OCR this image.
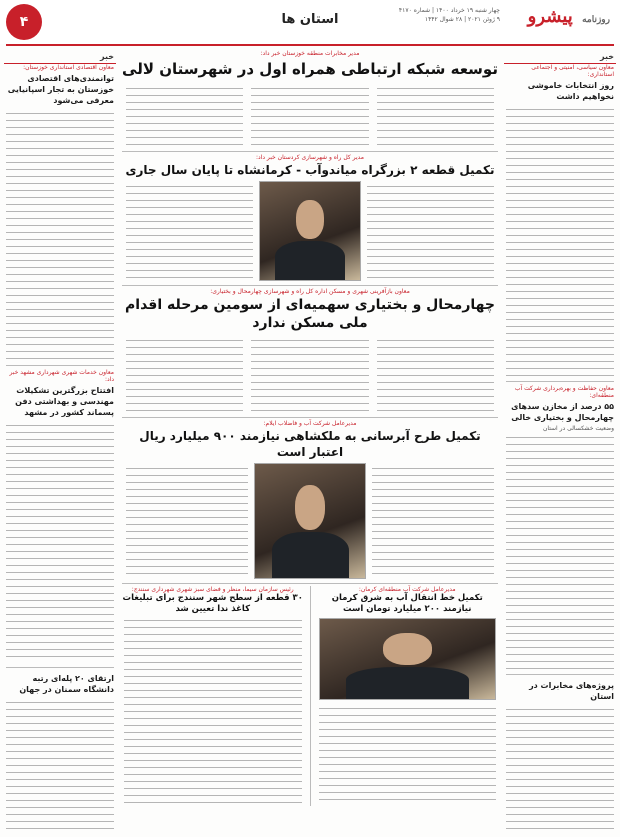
۴	استان ها
چهار شنبه ۱۹ خرداد ۱۴۰۰ | شماره ۴۱۷۰
۹ ژوئن ۲۰۲۱ | ۲۸ شوال ۱۴۴۲	روزنامه پیشرو
خبر
معاون سیاسی، امنیتی و اجتماعی استانداری:
روز انتخابات خاموشی نخواهیم داشت
معاون حفاظت و بهره‌برداری شرکت آب منطقه‌ای:
۵۵ درصد از مخازن سدهای چهارمحال و بختیاری خالی
وضعیت خشکسالی در استان
پروژه‌های مخابرات در استان
خبر
معاون اقتصادی استانداری خوزستان:
توانمندی‌های اقتصادی خوزستان به تجار اسپانیایی معرفی می‌شود
معاون خدمات شهری شهرداری مشهد خبر داد:
افتتاح بزرگترین تشکیلات مهندسی و بهداشتی دفن پسماند کشور در مشهد
ارتقای ۲۰ پله‌ای رتبه دانشگاه سمنان در جهان
مدیر مخابرات منطقه خوزستان خبر داد:
توسعه شبکه ارتباطی همراه اول در شهرستان لالی
مدیر کل راه و شهرسازی کردستان خبر داد:
تکمیل قطعه ۲ بزرگراه میاندوآب - کرمانشاه تا پایان سال جاری
معاون بازآفرینی شهری و مسکن اداره کل راه و شهرسازی چهارمحال و بختیاری:
چهارمحال و بختیاری سهمیه‌ای از سومین مرحله اقدام ملی مسکن ندارد
مدیرعامل شرکت آب و فاضلاب ایلام:
تکمیل طرح آبرسانی به ملکشاهی نیازمند ۹۰۰ میلیارد ریال اعتبار است
مدیرعامل شرکت آب منطقه‌ای کرمان:
تکمیل خط انتقال آب به شرق کرمان نیازمند ۲۰۰ میلیارد تومان است
رئیس سازمان سیما، منظر و فضای سبز شهری شهرداری سنندج:
۳۰ قطعه از سطح شهر سنندج برای تبلیغات کاغذ ندا تعیین شد
